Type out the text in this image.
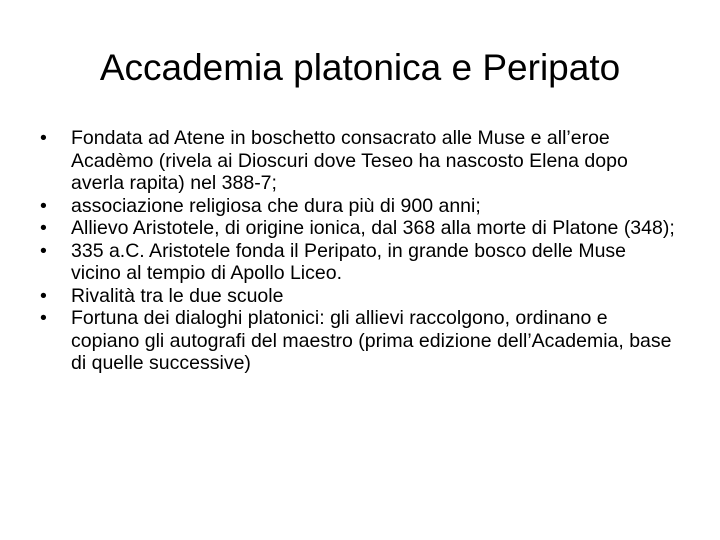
Accademia platonica e Peripato
•	Fondata ad Atene in boschetto consacrato alle Muse e all’eroe Acadèmo (rivela ai Dioscuri dove Teseo ha nascosto Elena dopo averla rapita) nel 388-7;
•	associazione religiosa che dura più di 900 anni;
•	Allievo Aristotele, di origine ionica, dal 368 alla morte di Platone (348);
•	335 a.C. Aristotele fonda il Peripato, in grande bosco delle Muse vicino al tempio di Apollo Liceo.
•	Rivalità tra le due scuole
•	Fortuna dei dialoghi platonici: gli allievi raccolgono, ordinano e copiano gli autografi del maestro (prima edizione dell’Academia, base di quelle successive)
